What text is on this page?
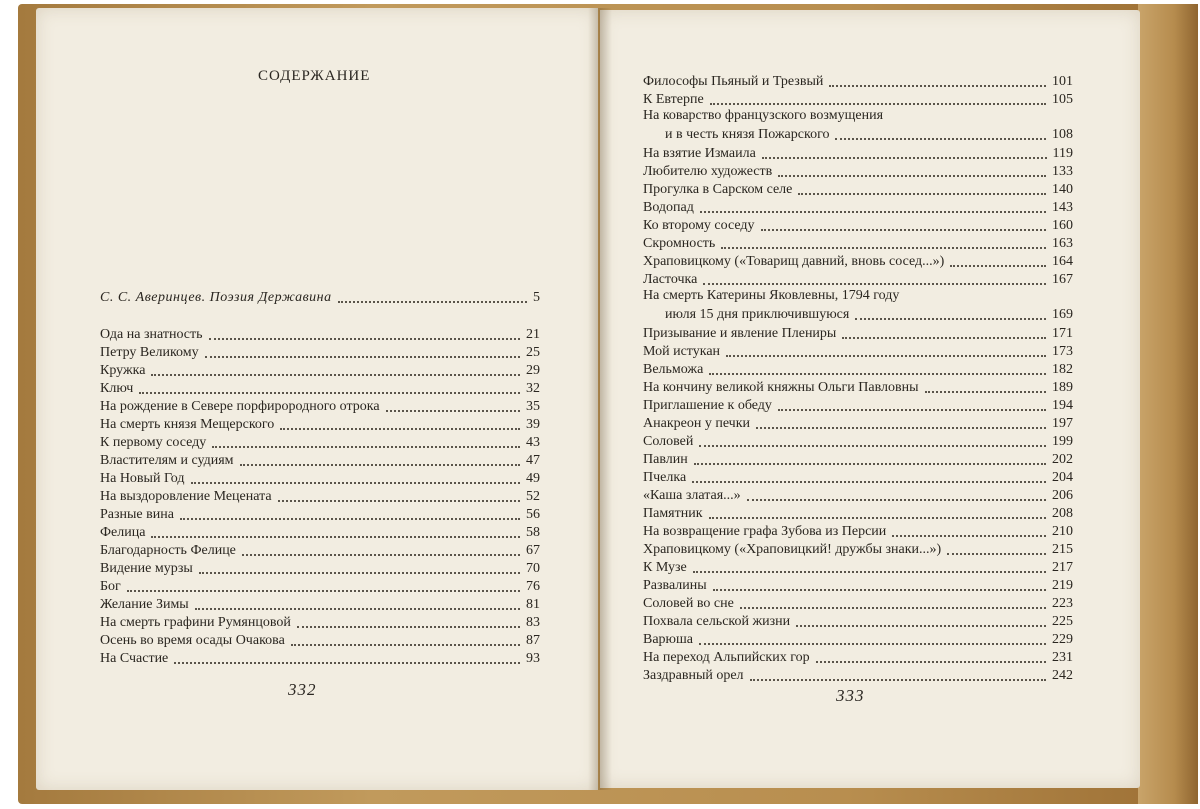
СОДЕРЖАНИЕ
С. С. Аверинцев. Поэзия Державина	5
Ода на знатность	21
Петру Великому	25
Кружка	29
Ключ	32
На рождение в Севере порфирородного отрока	35
На смерть князя Мещерского	39
К первому соседу	43
Властителям и судиям	47
На Новый Год	49
На выздоровление Мецената	52
Разные вина	56
Фелица	58
Благодарность Фелице	67
Видение мурзы	70
Бог	76
Желание Зимы	81
На смерть графини Румянцовой	83
Осень во время осады Очакова	87
На Счастие	93
Философы Пьяный и Трезвый	101
К Евтерпе	105
На коварство французского возмущения
и в честь князя Пожарского	108
На взятие Измаила	119
Любителю художеств	133
Прогулка в Сарском селе	140
Водопад	143
Ко второму соседу	160
Скромность	163
Храповицкому («Товарищ давний, вновь сосед...»)	164
Ласточка	167
На смерть Катерины Яковлевны, 1794 году
июля 15 дня приключившуюся	169
Призывание и явление Плениры	171
Мой истукан	173
Вельможа	182
На кончину великой княжны Ольги Павловны	189
Приглашение к обеду	194
Анакреон у печки	197
Соловей	199
Павлин	202
Пчелка	204
«Каша златая...»	206
Памятник	208
На возвращение графа Зубова из Персии	210
Храповицкому («Храповицкий! дружбы знаки...»)	215
К Музе	217
Развалины	219
Соловей во сне	223
Похвала сельской жизни	225
Варюша	229
На переход Альпийских гор	231
Заздравный орел	242
332	333
